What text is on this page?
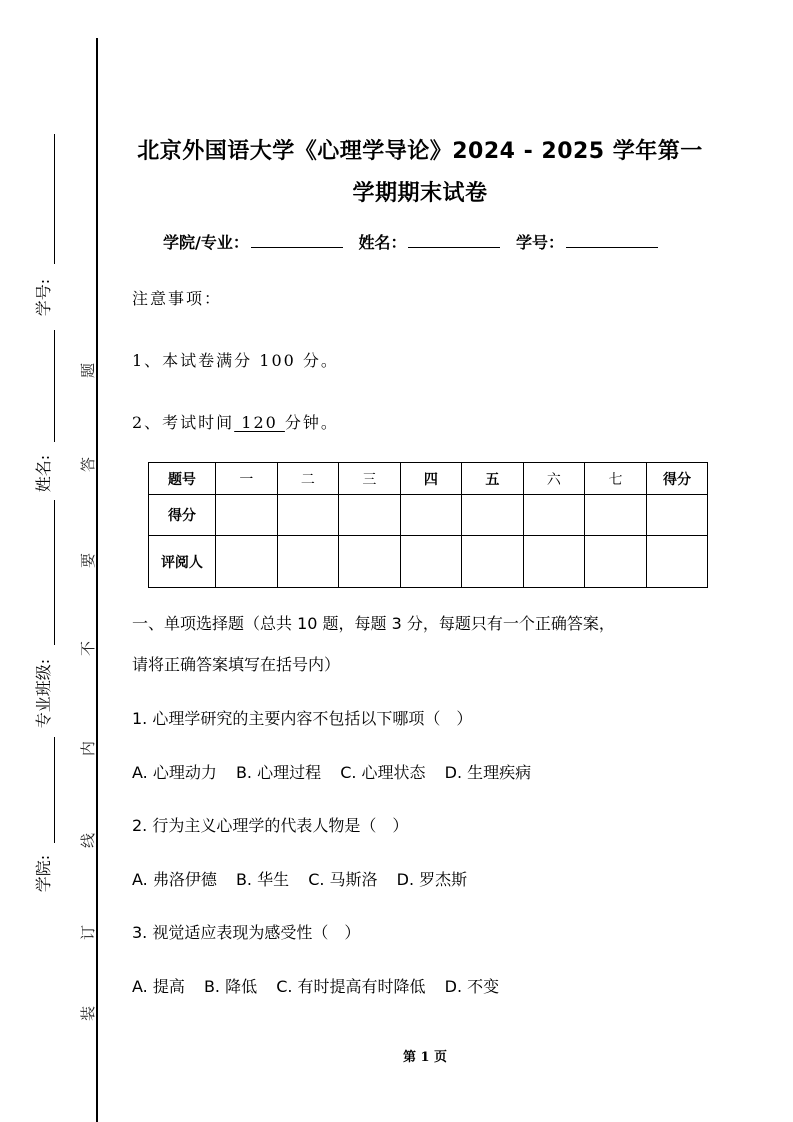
学号:
姓名:
专业班级:
学院:
题
答
要
不
内
线
订
装
北京外国语大学《心理学导论》2024 - 2025 学年第一
学期期末试卷
学院/专业：	姓名：	学号：
注意事项：
1、本试卷满分 100 分。
2、考试时间 120 分钟。
题号	一	二	三	四	五	六	七	得分
得分								
评阅人								
一、单项选择题（总共 10 题，每题 3 分，每题只有一个正确答案，
请将正确答案填写在括号内）
1. 心理学研究的主要内容不包括以下哪项（　）
A. 心理动力 B. 心理过程 C. 心理状态 D. 生理疾病
2. 行为主义心理学的代表人物是（　）
A. 弗洛伊德 B. 华生 C. 马斯洛 D. 罗杰斯
3. 视觉适应表现为感受性（　）
A. 提高 B. 降低 C. 有时提高有时降低 D. 不变
第 1 页
